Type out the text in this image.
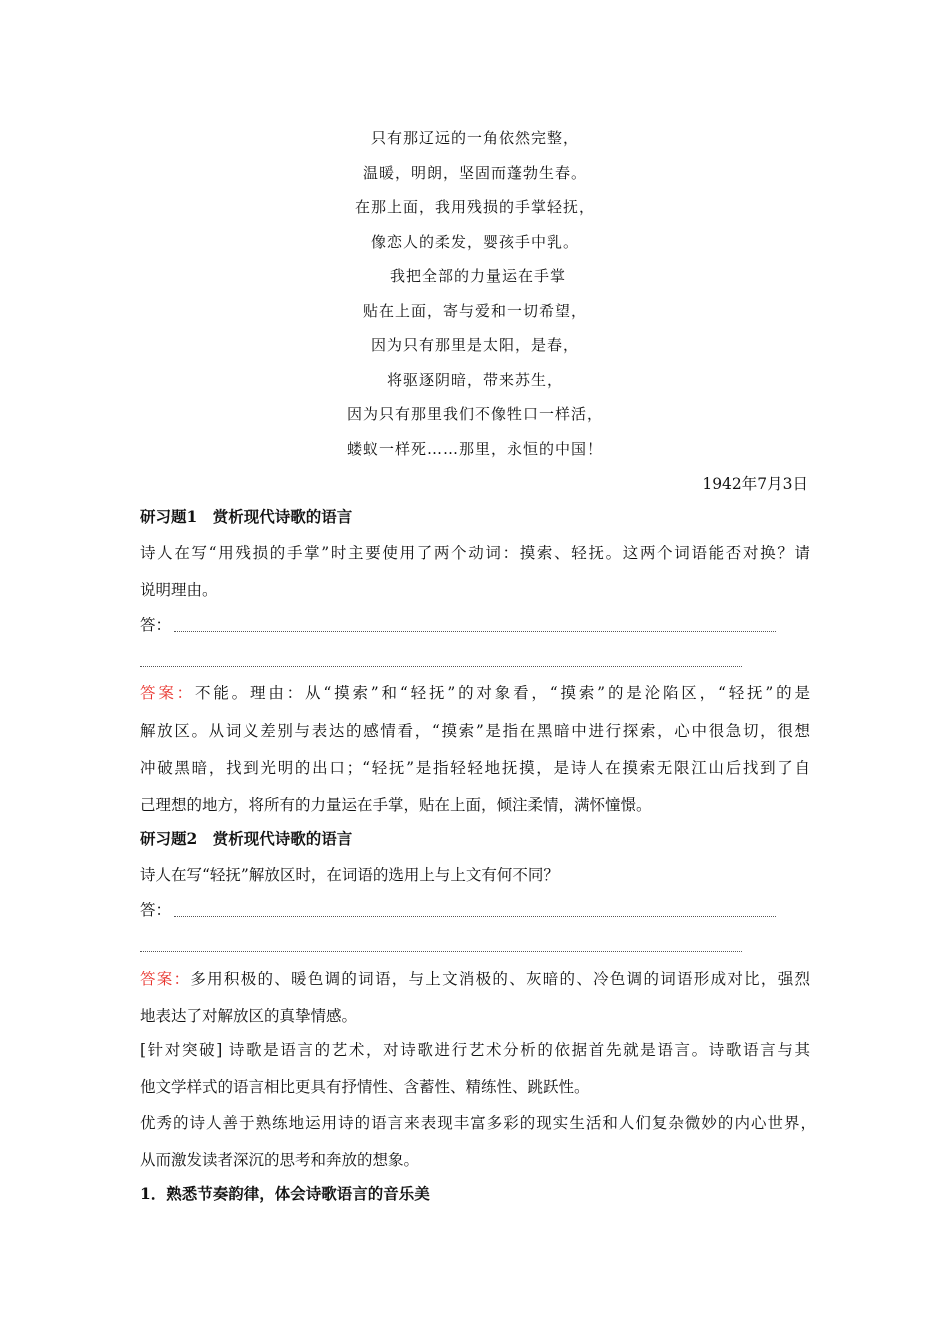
只有那辽远的一角依然完整，
温暖，明朗，坚固而蓬勃生春。
在那上面，我用残损的手掌轻抚，
像恋人的柔发，婴孩手中乳。
我把全部的力量运在手掌
贴在上面，寄与爱和一切希望，
因为只有那里是太阳，是春，
将驱逐阴暗，带来苏生，
因为只有那里我们不像牲口一样活，
蝼蚁一样死……那里，永恒的中国！
1942年7月3日
研习题1　赏析现代诗歌的语言
诗人在写“用残损的手掌”时主要使用了两个动词：摸索、轻抚。这两个词语能否对换？请
说明理由。
答：
答案：不能。理由：从“摸索”和“轻抚”的对象看，“摸索”的是沦陷区，“轻抚”的是
解放区。从词义差别与表达的感情看，“摸索”是指在黑暗中进行探索，心中很急切，很想
冲破黑暗，找到光明的出口；“轻抚”是指轻轻地抚摸，是诗人在摸索无限江山后找到了自
己理想的地方，将所有的力量运在手掌，贴在上面，倾注柔情，满怀憧憬。
研习题2　赏析现代诗歌的语言
诗人在写“轻抚”解放区时，在词语的选用上与上文有何不同？
答：
答案：多用积极的、暖色调的词语，与上文消极的、灰暗的、冷色调的词语形成对比，强烈
地表达了对解放区的真挚情感。
[针对突破] 诗歌是语言的艺术，对诗歌进行艺术分析的依据首先就是语言。诗歌语言与其
他文学样式的语言相比更具有抒情性、含蓄性、精练性、跳跃性。
优秀的诗人善于熟练地运用诗的语言来表现丰富多彩的现实生活和人们复杂微妙的内心世界，
从而激发读者深沉的思考和奔放的想象。
1．熟悉节奏韵律，体会诗歌语言的音乐美
